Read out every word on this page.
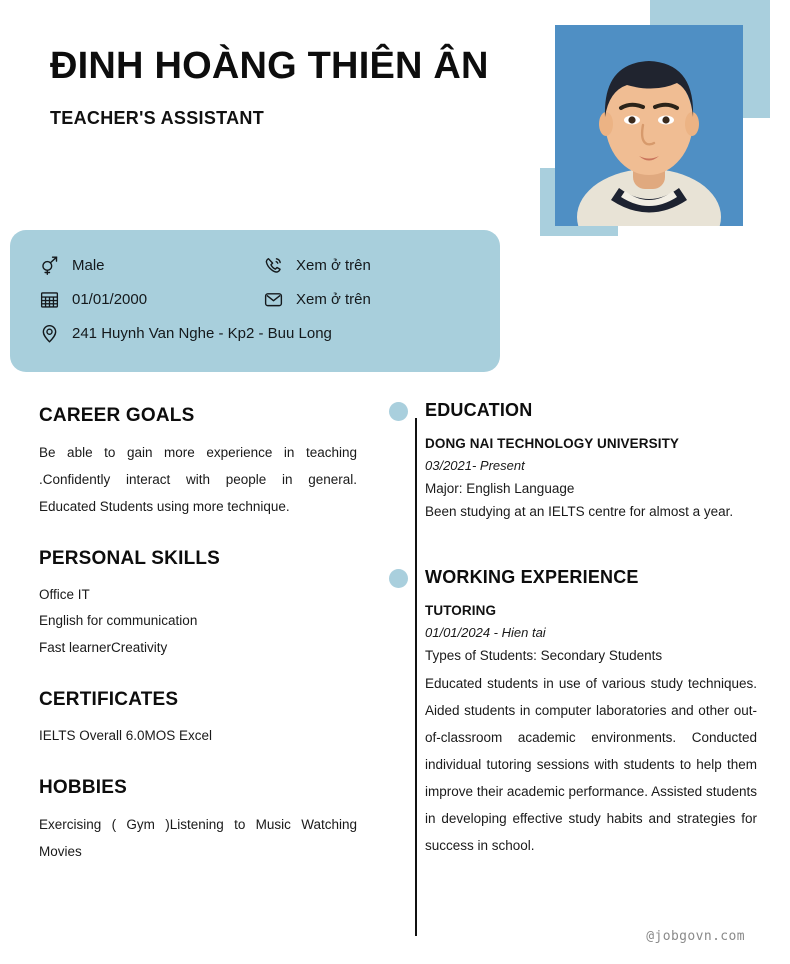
ĐINH HOÀNG THIÊN ÂN
TEACHER'S ASSISTANT
Male	Xem ở trên
01/01/2000	Xem ở trên
241 Huynh Van Nghe - Kp2 - Buu Long
CAREER GOALS

Be able to gain more experience in teaching .Confidently interact with people in general. Educated Students using more technique.

PERSONAL SKILLS
Office IT
English for communication
Fast learnerCreativity
CERTIFICATES
IELTS Overall 6.0MOS Excel
HOBBIES

Exercising ( Gym )Listening to Music Watching Movies

EDUCATION
DONG NAI TECHNOLOGY UNIVERSITY
03/2021- Present
Major: English Language
Been studying at an IELTS centre for almost a year.
WORKING EXPERIENCE
TUTORING
01/01/2024 - Hien tai
Types of Students: Secondary Students

Educated students in use of various study techniques. Aided students in computer laboratories and other out-of-classroom academic environments. Conducted individual tutoring sessions with students to help them improve their academic performance. Assisted students in developing effective study habits and strategies for success in school.

@jobgovn.com
